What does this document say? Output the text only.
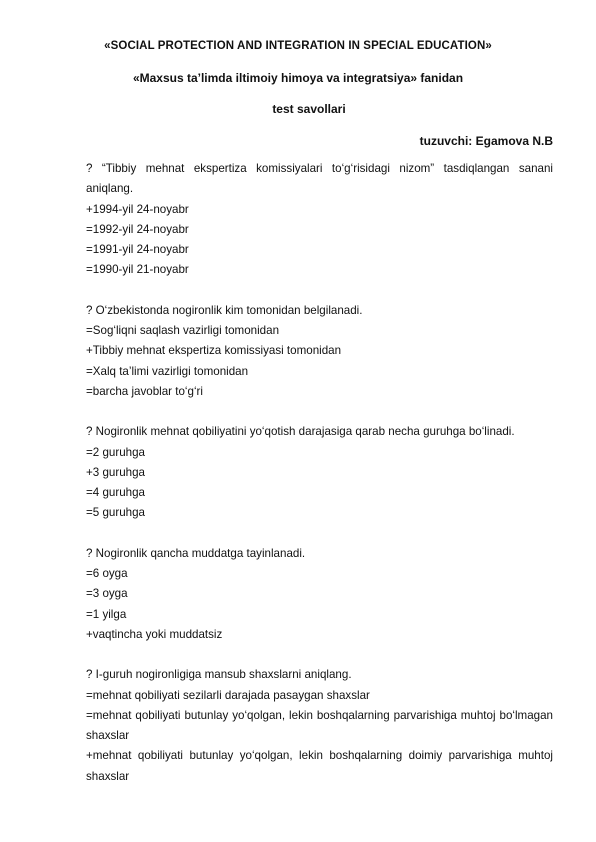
«SOCIAL PROTECTION AND INTEGRATION IN SPECIAL EDUCATION»
«Maxsus ta’limda iltimoiy himoya va integratsiya» fanidan
test savollari
tuzuvchi: Egamova N.B

? “Tibbiy mehnat ekspertiza komissiyalari to‘g‘risidagi nizom” tasdiqlangan sanani aniqlang.

+1994-yil 24-noyabr

=1992-yil 24-noyabr

=1991-yil 24-noyabr

=1990-yil 21-noyabr

? O‘zbekistonda nogironlik kim tomonidan belgilanadi.

=Sog‘liqni saqlash vazirligi tomonidan

+Tibbiy mehnat ekspertiza komissiyasi tomonidan

=Xalq ta’limi vazirligi tomonidan

=barcha javoblar to‘g‘ri

? Nogironlik mehnat qobiliyatini yo‘qotish darajasiga qarab necha guruhga bo‘linadi.

=2 guruhga

+3 guruhga

=4 guruhga

=5 guruhga

? Nogironlik qancha muddatga tayinlanadi.

=6 oyga

=3 oyga

=1 yilga

+vaqtincha yoki muddatsiz

? I-guruh nogironligiga mansub shaxslarni aniqlang.

=mehnat qobiliyati sezilarli darajada pasaygan shaxslar

=mehnat qobiliyati butunlay yo‘qolgan, lekin boshqalarning parvarishiga muhtoj bo‘lmagan shaxslar

+mehnat qobiliyati butunlay yo‘qolgan, lekin boshqalarning doimiy parvarishiga muhtoj shaxslar
